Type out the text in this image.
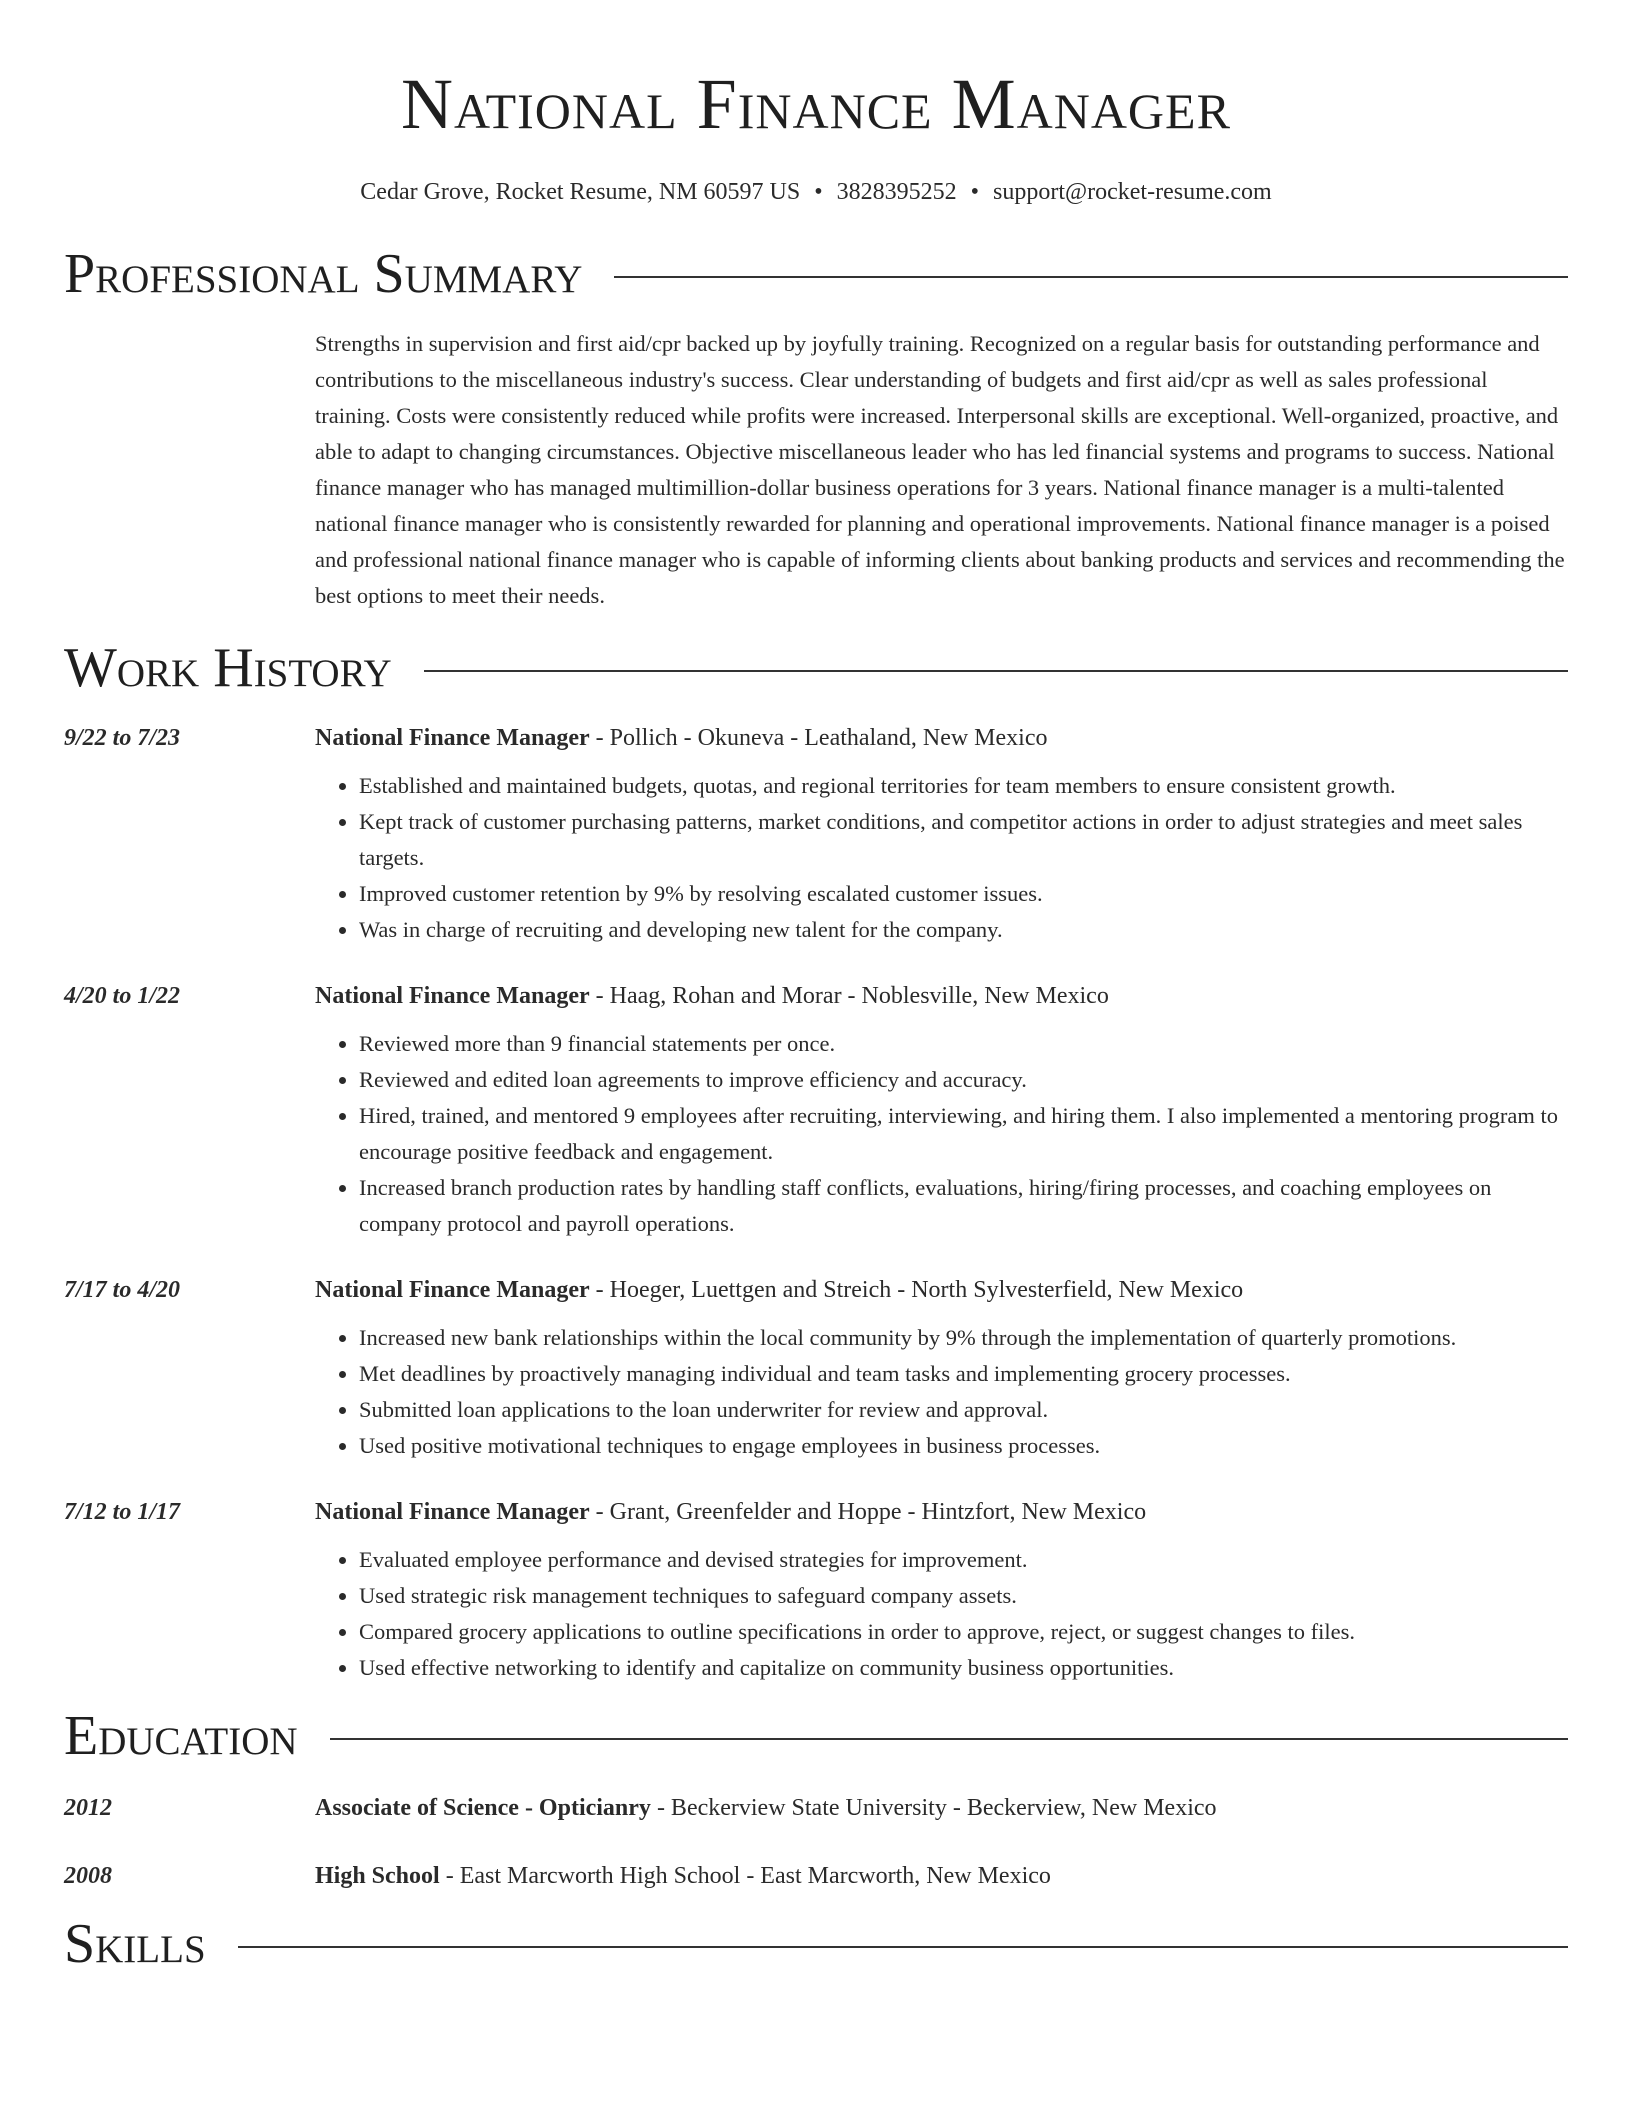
National Finance Manager
Cedar Grove, Rocket Resume, NM 60597 US • 3828395252 • support@rocket-resume.com
Professional Summary
Strengths in supervision and first aid/cpr backed up by joyfully training. Recognized on a regular basis for outstanding performance and contributions to the miscellaneous industry's success. Clear understanding of budgets and first aid/cpr as well as sales professional training. Costs were consistently reduced while profits were increased. Interpersonal skills are exceptional. Well-organized, proactive, and able to adapt to changing circumstances. Objective miscellaneous leader who has led financial systems and programs to success. National finance manager who has managed multimillion-dollar business operations for 3 years. National finance manager is a multi-talented national finance manager who is consistently rewarded for planning and operational improvements. National finance manager is a poised and professional national finance manager who is capable of informing clients about banking products and services and recommending the best options to meet their needs.
Work History
9/22 to 7/23	National Finance Manager - Pollich - Okuneva - Leathaland, New Mexico
• Established and maintained budgets, quotas, and regional territories for team members to ensure consistent growth.
• Kept track of customer purchasing patterns, market conditions, and competitor actions in order to adjust strategies and meet sales targets.
• Improved customer retention by 9% by resolving escalated customer issues.
• Was in charge of recruiting and developing new talent for the company.
4/20 to 1/22	National Finance Manager - Haag, Rohan and Morar - Noblesville, New Mexico
• Reviewed more than 9 financial statements per once.
• Reviewed and edited loan agreements to improve efficiency and accuracy.
• Hired, trained, and mentored 9 employees after recruiting, interviewing, and hiring them. I also implemented a mentoring program to encourage positive feedback and engagement.
• Increased branch production rates by handling staff conflicts, evaluations, hiring/firing processes, and coaching employees on company protocol and payroll operations.
7/17 to 4/20	National Finance Manager - Hoeger, Luettgen and Streich - North Sylvesterfield, New Mexico
• Increased new bank relationships within the local community by 9% through the implementation of quarterly promotions.
• Met deadlines by proactively managing individual and team tasks and implementing grocery processes.
• Submitted loan applications to the loan underwriter for review and approval.
• Used positive motivational techniques to engage employees in business processes.
7/12 to 1/17	National Finance Manager - Grant, Greenfelder and Hoppe - Hintzfort, New Mexico
• Evaluated employee performance and devised strategies for improvement.
• Used strategic risk management techniques to safeguard company assets.
• Compared grocery applications to outline specifications in order to approve, reject, or suggest changes to files.
• Used effective networking to identify and capitalize on community business opportunities.
Education
2012	Associate of Science - Opticianry - Beckerview State University - Beckerview, New Mexico
2008	High School - East Marcworth High School - East Marcworth, New Mexico
Skills
